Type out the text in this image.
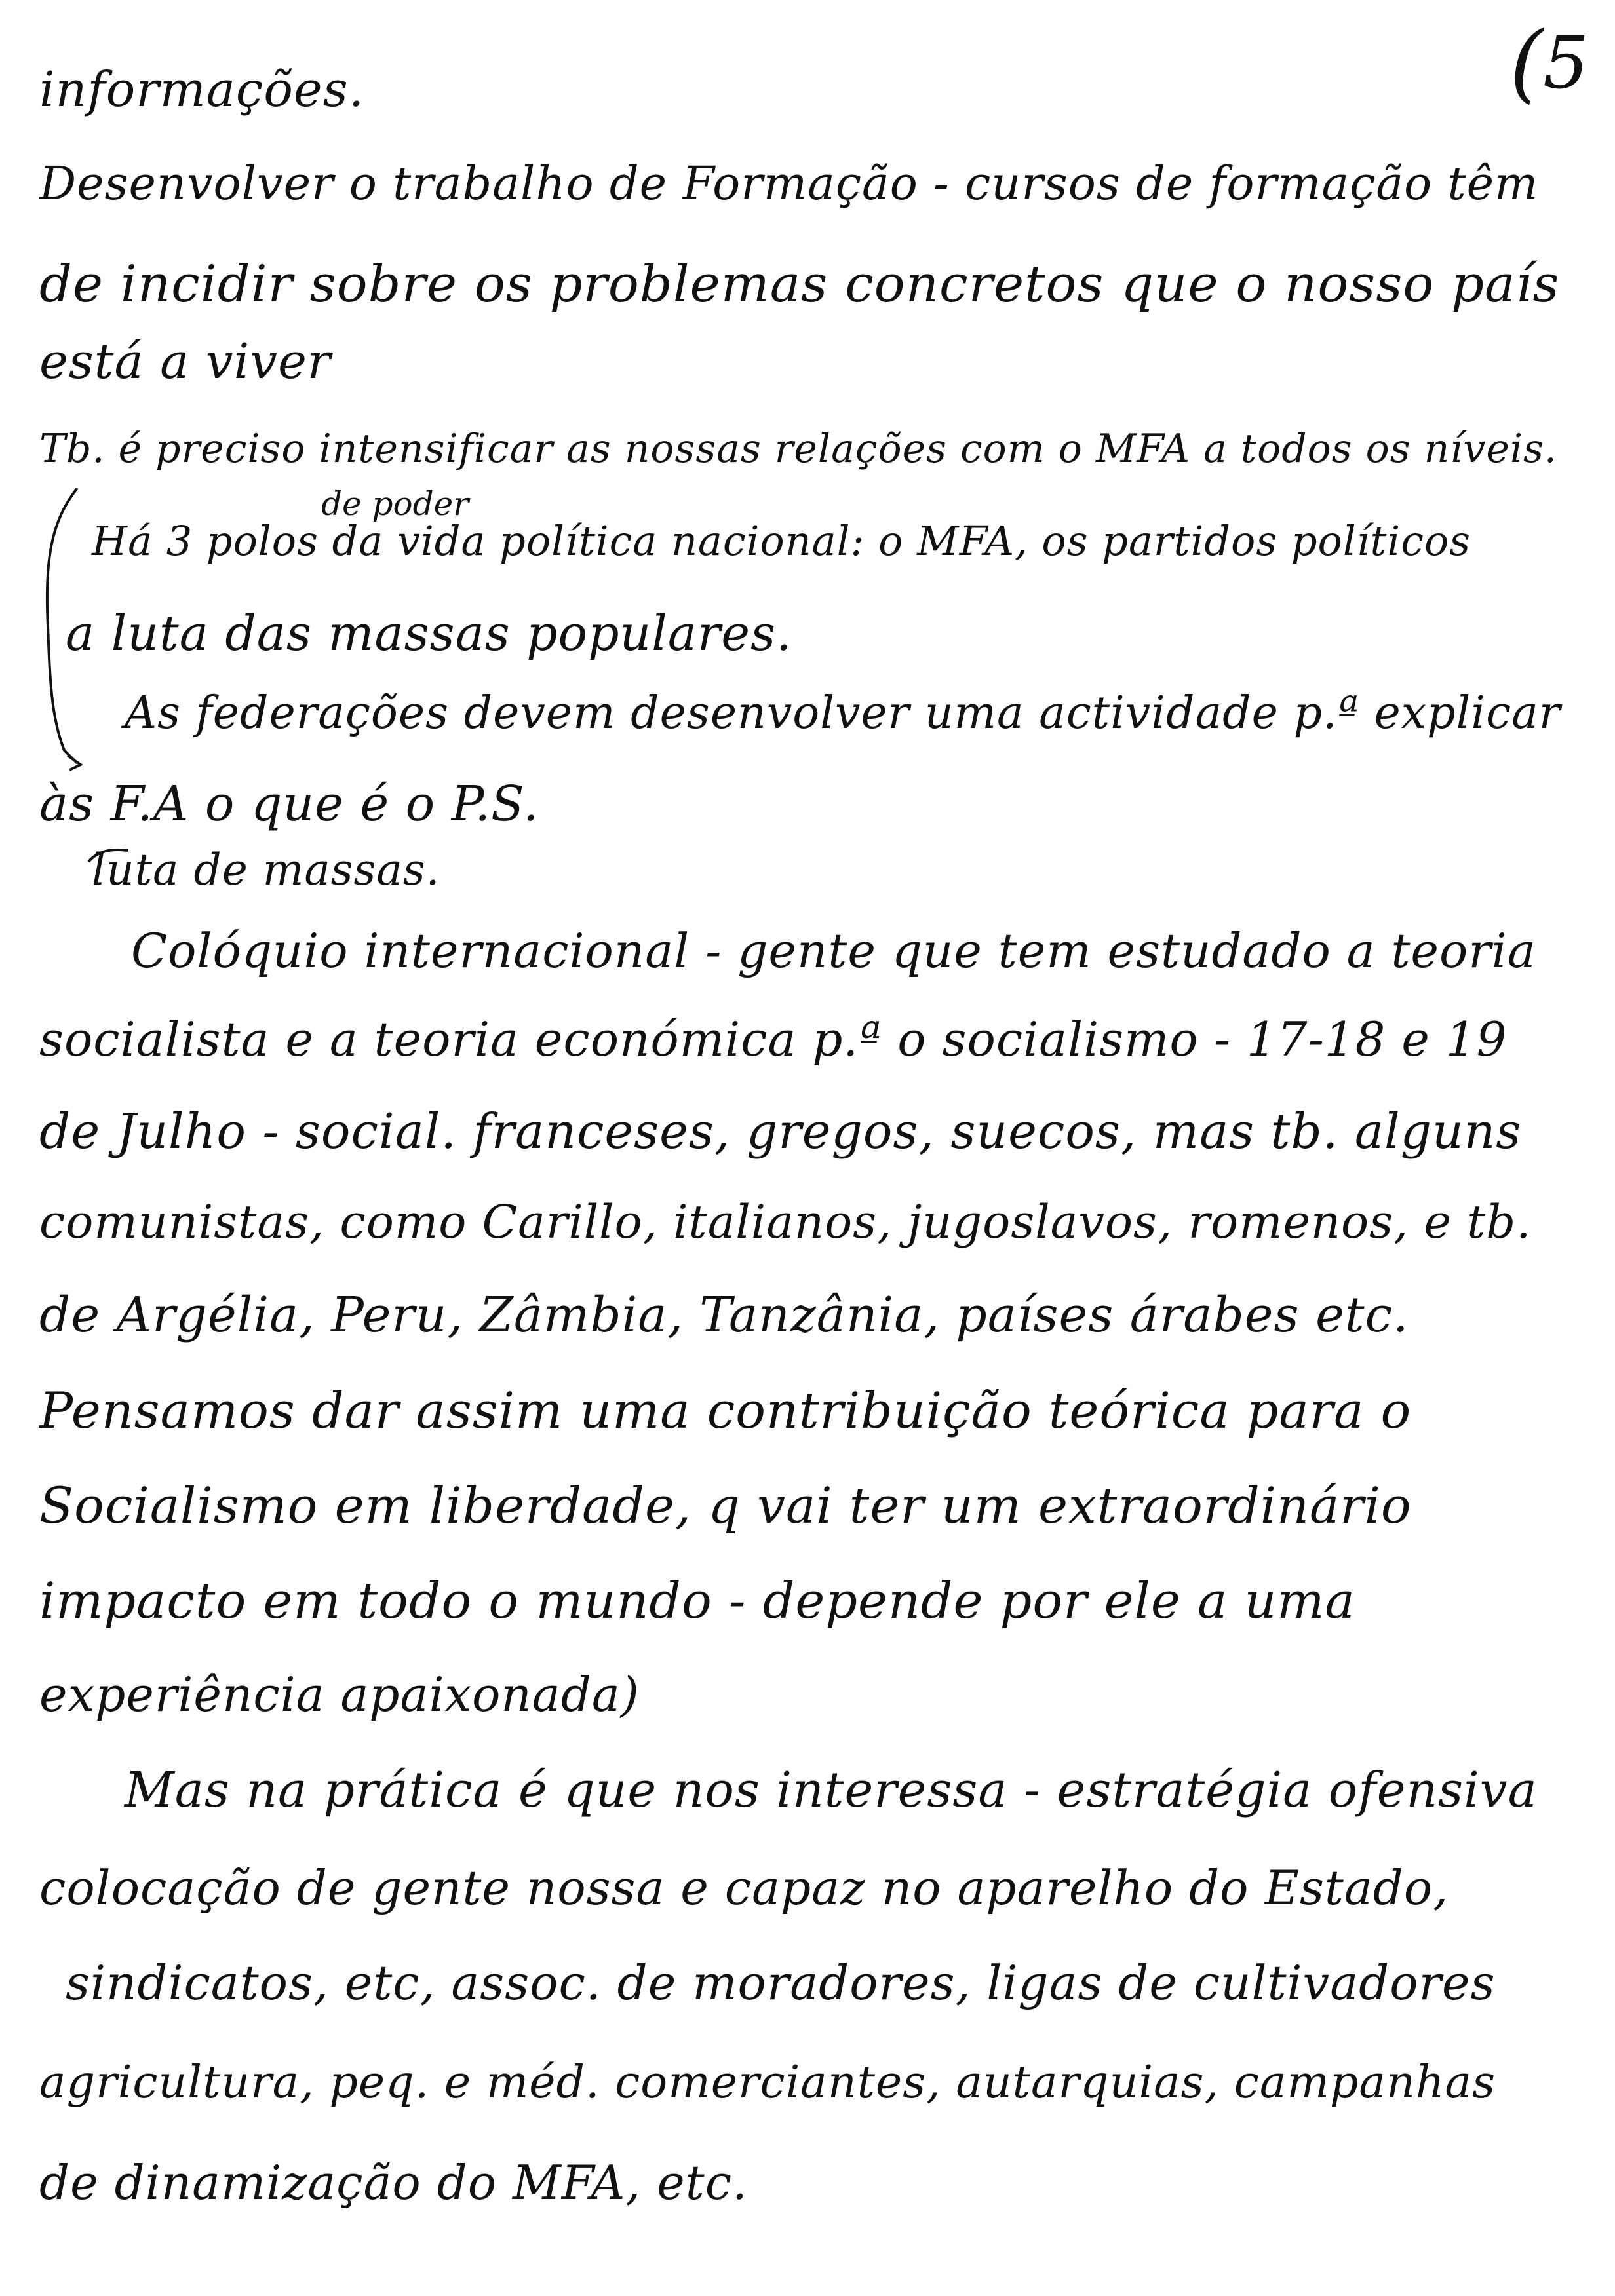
(5
informações.
Desenvolver o trabalho de Formação - cursos de formação têm
de incidir sobre os problemas concretos que o nosso país
está a viver
Tb. é preciso intensificar as nossas relações com o MFA a todos os níveis.
de poder
Há 3 polos da vida política nacional: o MFA, os partidos políticos
a luta das massas populares.
As federações devem desenvolver uma actividade p.ª explicar
às F.A o que é o P.S.
luta de massas.
Colóquio internacional - gente que tem estudado a teoria
socialista e a teoria económica p.ª o socialismo - 17-18 e 19
de Julho - social. franceses, gregos, suecos, mas tb. alguns
comunistas, como Carillo, italianos, jugoslavos, romenos, e tb.
de Argélia, Peru, Zâmbia, Tanzânia, países árabes etc.
Pensamos dar assim uma contribuição teórica para o
Socialismo em liberdade, q vai ter um extraordinário
impacto em todo o mundo - depende por ele a uma
experiência apaixonada)
Mas na prática é que nos interessa - estratégia ofensiva
colocação de gente nossa e capaz no aparelho do Estado,
sindicatos, etc, assoc. de moradores, ligas de cultivadores
agricultura, peq. e méd. comerciantes, autarquias, campanhas
de dinamização do MFA, etc.
